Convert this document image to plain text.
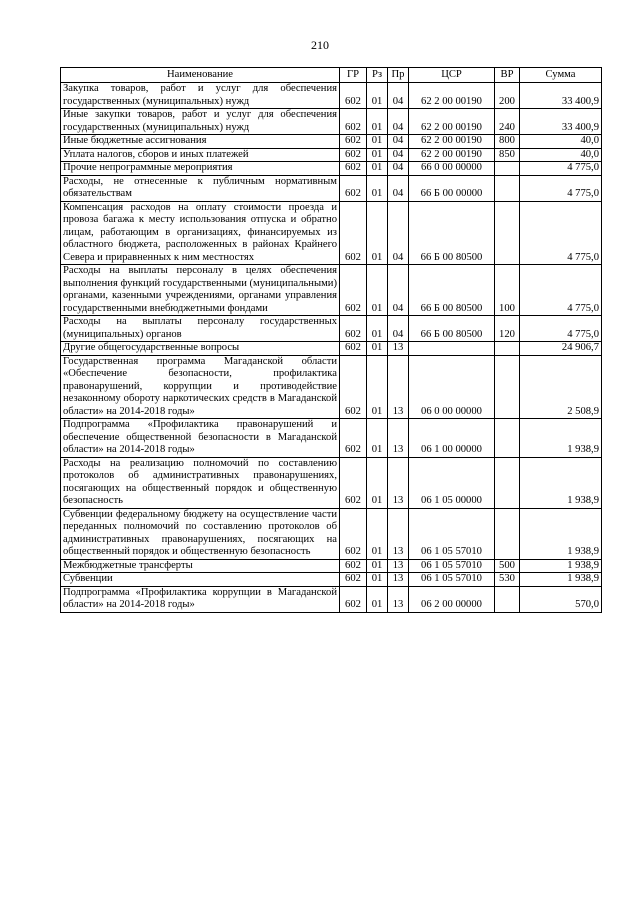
210
Наименование	ГР	Рз	Пр	ЦСР	ВР	Сумма
Закупка товаров, работ и услуг для обеспечения государственных (муниципальных) нужд	602	01	04	62 2 00 00190	200	33 400,9
Иные закупки товаров, работ и услуг для обеспечения государственных (муниципальных) нужд	602	01	04	62 2 00 00190	240	33 400,9
Иные бюджетные ассигнования	602	01	04	62 2 00 00190	800	40,0
Уплата налогов, сборов и иных платежей	602	01	04	62 2 00 00190	850	40,0
Прочие непрограммные мероприятия	602	01	04	66 0 00 00000		4 775,0
Расходы, не отнесенные к публичным нормативным обязательствам	602	01	04	66 Б 00 00000		4 775,0
Компенсация расходов на оплату стоимости проезда и провоза багажа к месту использования отпуска и обратно лицам, работающим в организациях, финансируемых из областного бюджета, расположенных в районах Крайнего Севера и приравненных к ним местностях	602	01	04	66 Б 00 80500		4 775,0
Расходы на выплаты персоналу в целях обеспечения выполнения функций государственными (муниципальными) органами, казенными учреждениями, органами управления государственными внебюджетными фондами	602	01	04	66 Б 00 80500	100	4 775,0
Расходы на выплаты персоналу государственных (муниципальных) органов	602	01	04	66 Б 00 80500	120	4 775,0
Другие общегосударственные вопросы	602	01	13			24 906,7
Государственная программа Магаданской области «Обеспечение безопасности, профилактика правонарушений, коррупции и противодействие незаконному обороту наркотических средств в Магаданской области» на 2014-2018 годы»	602	01	13	06 0 00 00000		2 508,9
Подпрограмма «Профилактика правонарушений и обеспечение общественной безопасности в Магаданской области» на 2014-2018 годы»	602	01	13	06 1 00 00000		1 938,9
Расходы на реализацию полномочий по составлению протоколов об административных правонарушениях, посягающих на общественный порядок и общественную безопасность	602	01	13	06 1 05 00000		1 938,9
Субвенции федеральному бюджету на осуществление части переданных полномочий по составлению протоколов об административных правонарушениях, посягающих на общественный порядок и общественную безопасность	602	01	13	06 1 05 57010		1 938,9
Межбюджетные трансферты	602	01	13	06 1 05 57010	500	1 938,9
Субвенции	602	01	13	06 1 05 57010	530	1 938,9
Подпрограмма «Профилактика коррупции в Магаданской области» на 2014-2018 годы»	602	01	13	06 2 00 00000		570,0
